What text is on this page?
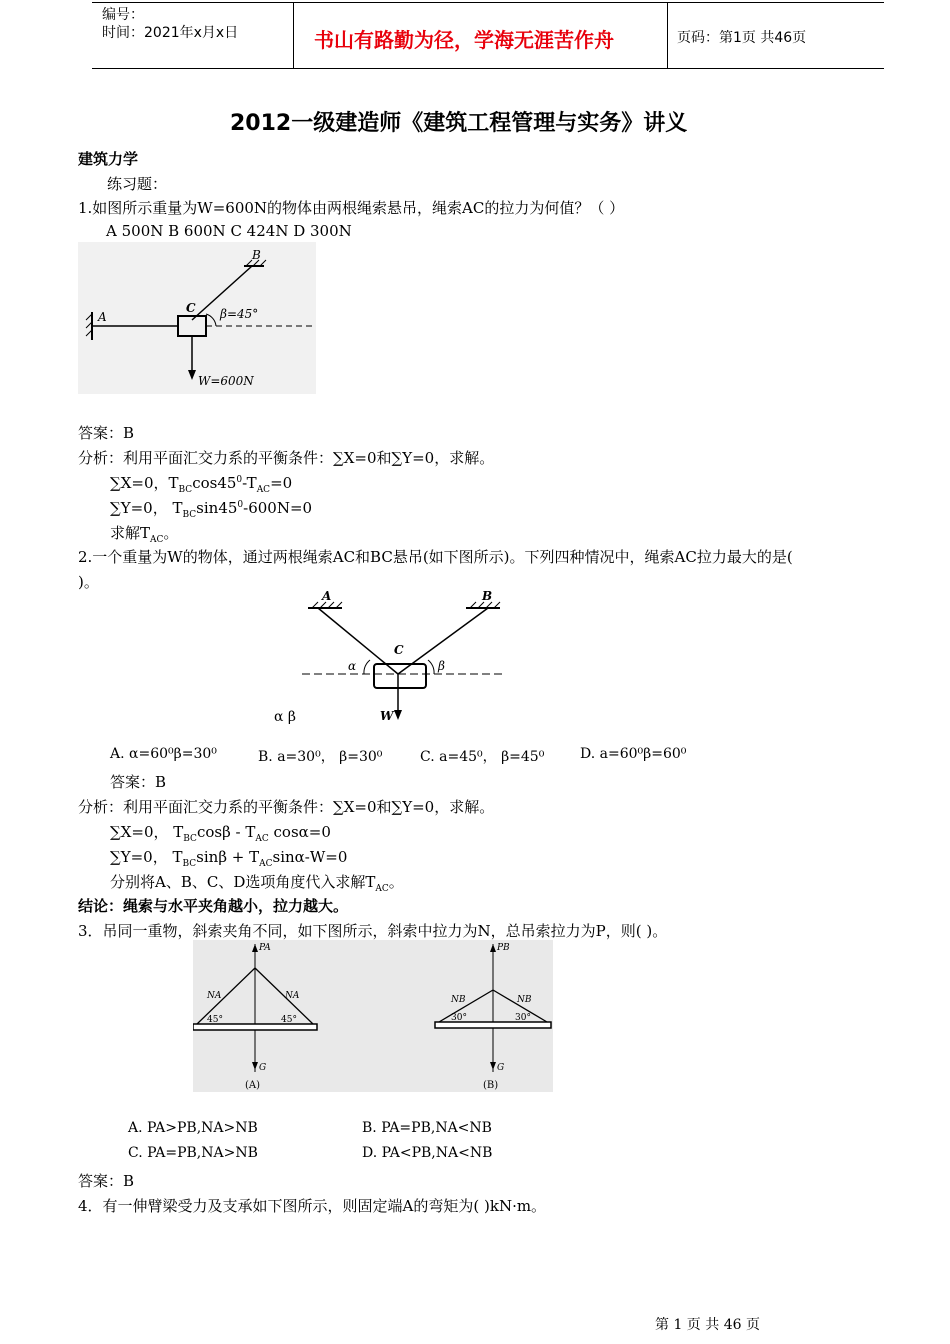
编号：
时间：2021年x月x日	书山有路勤为径，学海无涯苦作舟	页码：第1页 共46页
2012一级建造师《建筑工程管理与实务》讲义
建筑力学
练习题：
1.如图所示重量为W=600N的物体由两根绳索悬吊，绳索AC的拉力为何值？（ ）
A 500N B 600N C 424N D 300N
A
B
C β=45°
W=600N
答案：B
分析：利用平面汇交力系的平衡条件：∑X=0和∑Y=0，求解。
∑X=0，$T_{BC}\cos 45^0-T_{AC}=0$
∑Y=0， $T_{BC}\sin 45^0-600N=0$
求解$T_{AC}$。
2.一个重量为W的物体，通过两根绳索AC和BC悬吊(如下图所示)。下列四种情况中，绳索AC拉力最大的是(
)。
A	B
C
α	β
W
α β
A. α=60⁰β=30⁰	B. a=30⁰， β=30⁰	C. a=45⁰， β=45⁰	D. a=60⁰β=60⁰
答案：B
分析：利用平面汇交力系的平衡条件：∑X=0和∑Y=0，求解。
∑X=0， $T_{BC}\cos\beta - T_{AC}$ cosα=0
∑Y=0， $T_{BC}\sin\beta + T_{AC}\sin\alpha-W=0$
分别将A、B、C、D选项角度代入求解$T_{AC}$。
结论：绳索与水平夹角越小，拉力越大。
3．吊同一重物，斜索夹角不同，如下图所示，斜索中拉力为N，总吊索拉力为P，则( )。
PA	PB
NA	NA	NB	NB
45°	45°	30°	30°
G	G
(A)	(B)
A. PA>PB,NA>NB	B. PA=PB,NA<NB
C. PA=PB,NA>NB	D. PA<PB,NA<NB
答案：B
4．有一伸臂梁受力及支承如下图所示，则固定端A的弯矩为( )kN·m。
第 1 页 共 46 页
